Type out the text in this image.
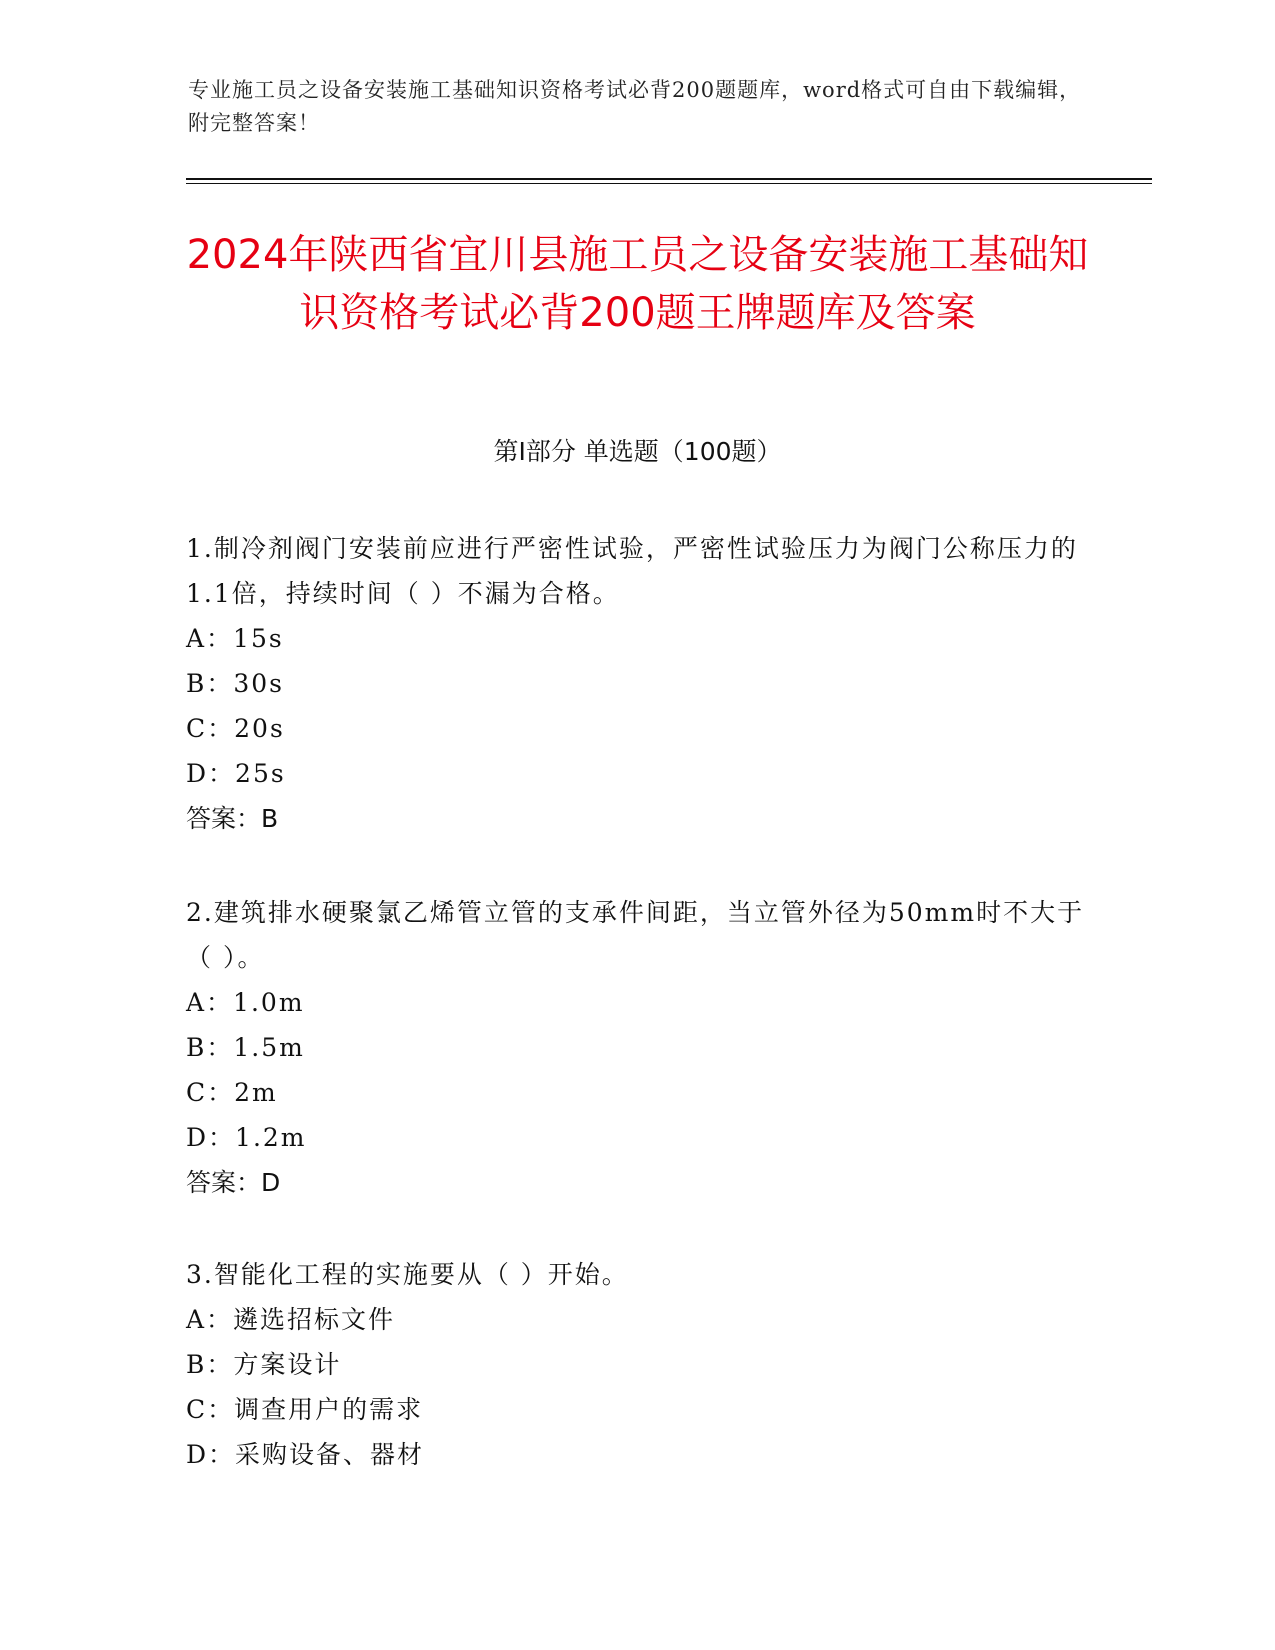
专业施工员之设备安装施工基础知识资格考试必背200题题库，word格式可自由下载编辑，附完整答案！
2024年陕西省宜川县施工员之设备安装施工基础知识资格考试必背200题王牌题库及答案
第I部分 单选题（100题）

1.制冷剂阀门安装前应进行严密性试验，严密性试验压力为阀门公称压力的1.1倍，持续时间（ ）不漏为合格。

A：15s

B：30s

C：20s

D：25s

答案：B

2.建筑排水硬聚氯乙烯管立管的支承件间距，当立管外径为50mm时不大于（ ）。

A：1.0m

B：1.5m

C：2m

D：1.2m

答案：D

3.智能化工程的实施要从（ ）开始。

A：遴选招标文件

B：方案设计

C：调查用户的需求

D：采购设备、器材
